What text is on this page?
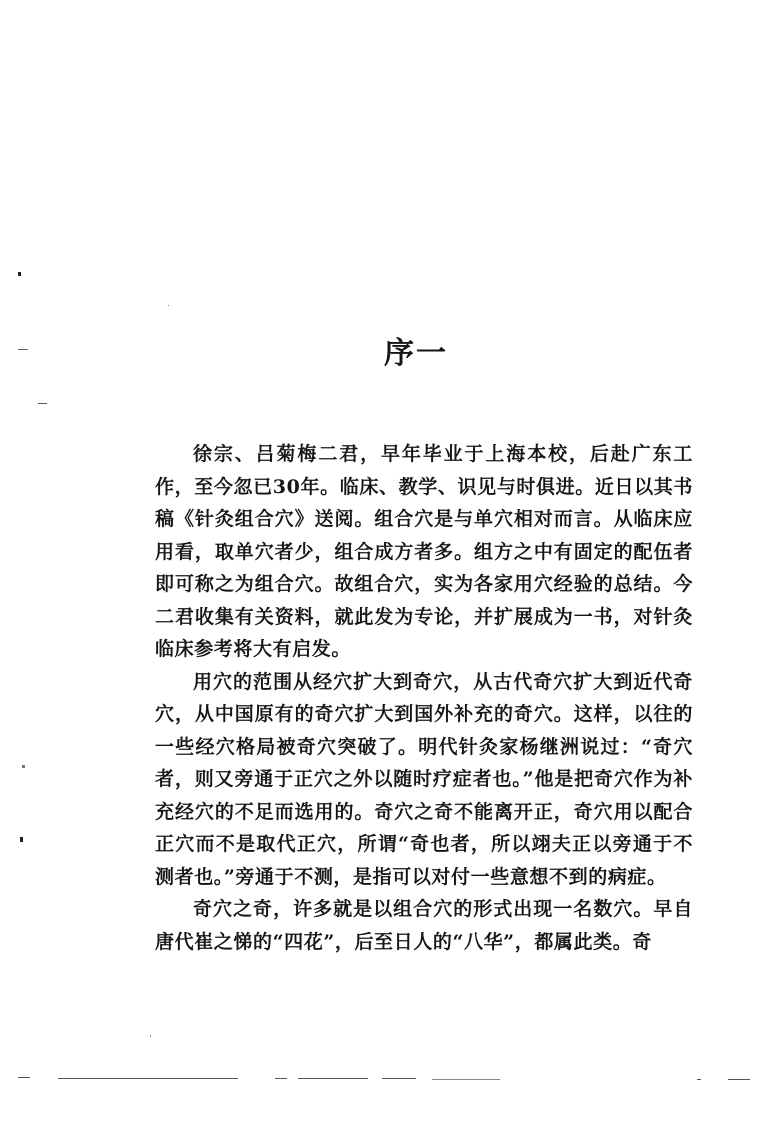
序一

徐宗、吕菊梅二君，早年毕业于上海本校，后赴广东工作，至今忽已30年。临床、教学、识见与时俱进。近日以其书稿《针灸组合穴》送阅。组合穴是与单穴相对而言。从临床应用看，取单穴者少，组合成方者多。组方之中有固定的配伍者即可称之为组合穴。故组合穴，实为各家用穴经验的总结。今二君收集有关资料，就此发为专论，并扩展成为一书，对针灸临床参考将大有启发。

用穴的范围从经穴扩大到奇穴，从古代奇穴扩大到近代奇穴，从中国原有的奇穴扩大到国外补充的奇穴。这样，以往的一些经穴格局被奇穴突破了。明代针灸家杨继洲说过：“奇穴者，则又旁通于正穴之外以随时疗症者也。”他是把奇穴作为补充经穴的不足而选用的。奇穴之奇不能离开正，奇穴用以配合正穴而不是取代正穴，所谓“奇也者，所以翊夫正以旁通于不测者也。”旁通于不测，是指可以对付一些意想不到的病症。

奇穴之奇，许多就是以组合穴的形式出现一名数穴。早自唐代崔之悌的“四花”，后至日人的“八华”，都属此类。奇
